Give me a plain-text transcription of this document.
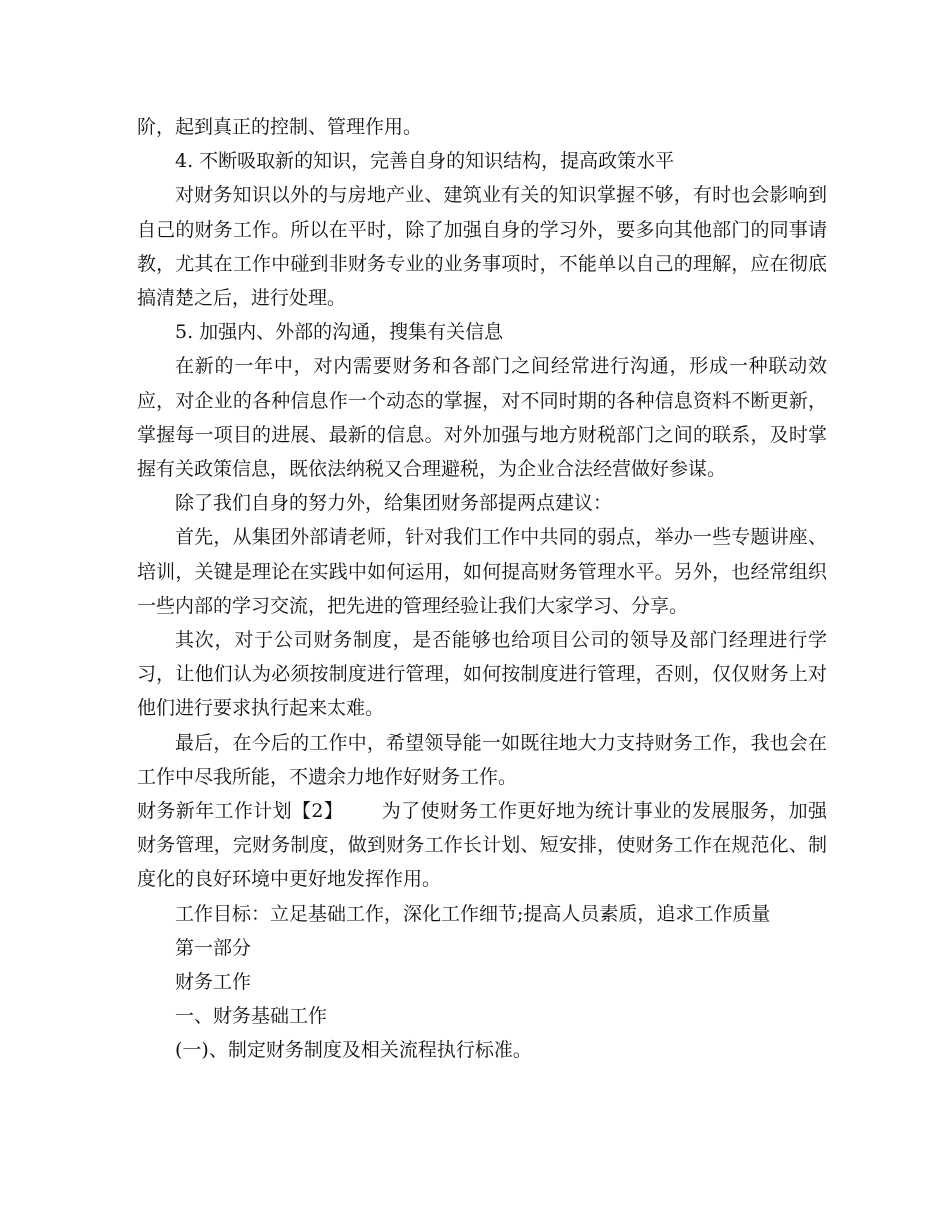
阶，起到真正的控制、管理作用。

4. 不断吸取新的知识，完善自身的知识结构，提高政策水平

对财务知识以外的与房地产业、建筑业有关的知识掌握不够，有时也会影响到自己的财务工作。所以在平时，除了加强自身的学习外，要多向其他部门的同事请教，尤其在工作中碰到非财务专业的业务事项时，不能单以自己的理解，应在彻底搞清楚之后，进行处理。

5. 加强内、外部的沟通，搜集有关信息

在新的一年中，对内需要财务和各部门之间经常进行沟通，形成一种联动效应，对企业的各种信息作一个动态的掌握，对不同时期的各种信息资料不断更新，掌握每一项目的进展、最新的信息。对外加强与地方财税部门之间的联系，及时掌握有关政策信息，既依法纳税又合理避税，为企业合法经营做好参谋。

除了我们自身的努力外，给集团财务部提两点建议：

首先，从集团外部请老师，针对我们工作中共同的弱点，举办一些专题讲座、培训，关键是理论在实践中如何运用，如何提高财务管理水平。另外，也经常组织一些内部的学习交流，把先进的管理经验让我们大家学习、分享。

其次，对于公司财务制度，是否能够也给项目公司的领导及部门经理进行学习，让他们认为必须按制度进行管理，如何按制度进行管理，否则，仅仅财务上对他们进行要求执行起来太难。

最后，在今后的工作中，希望领导能一如既往地大力支持财务工作，我也会在工作中尽我所能，不遗余力地作好财务工作。

财务新年工作计划【2】 为了使财务工作更好地为统计事业的发展服务，加强财务管理，完财务制度，做到财务工作长计划、短安排，使财务工作在规范化、制度化的良好环境中更好地发挥作用。

工作目标：立足基础工作，深化工作细节;提高人员素质，追求工作质量

第一部分

财务工作

一、财务基础工作

(一)、制定财务制度及相关流程执行标准。
